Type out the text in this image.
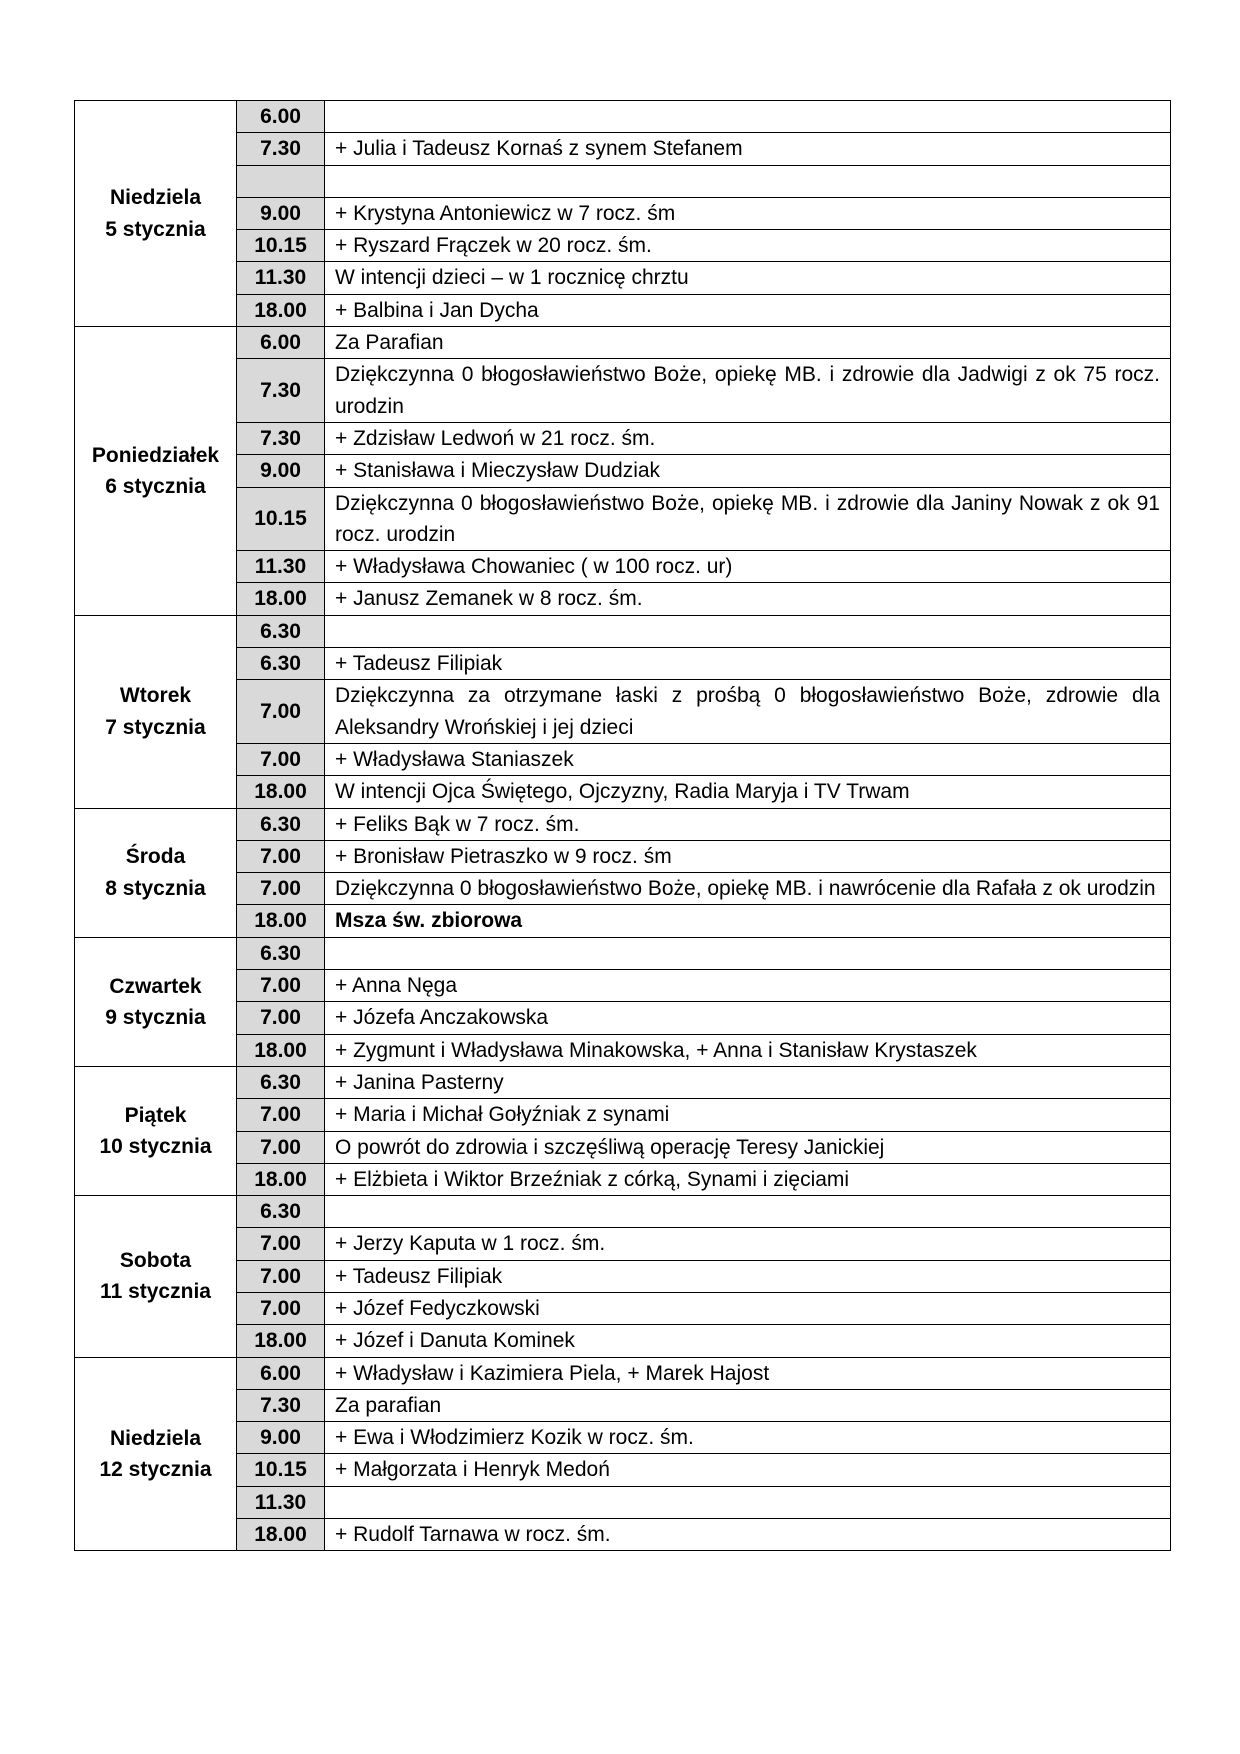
Niedziela
5 stycznia	6.00	
	7.30	+ Julia i Tadeusz Kornaś z synem Stefanem

	9.00	+ Krystyna Antoniewicz w 7 rocz. śm
	10.15	+ Ryszard Frączek w 20 rocz. śm.
	11.30	W intencji dzieci – w 1 rocznicę chrztu
	18.00	+ Balbina i Jan Dycha

Poniedziałek
6 stycznia	6.00	Za Parafian
	7.30	Dziękczynna 0 błogosławieństwo Boże, opiekę MB. i zdrowie dla Jadwigi z ok 75 rocz. urodzin
	7.30	+ Zdzisław Ledwoń w 21 rocz. śm.
	9.00	+ Stanisława i Mieczysław Dudziak
	10.15	Dziękczynna 0 błogosławieństwo Boże, opiekę MB. i zdrowie dla Janiny Nowak z ok 91 rocz. urodzin
	11.30	+ Władysława Chowaniec ( w 100 rocz. ur)
	18.00	+ Janusz Zemanek w 8 rocz. śm.

Wtorek
7 stycznia	6.30	
	6.30	+ Tadeusz Filipiak
	7.00	Dziękczynna za otrzymane łaski z prośbą 0 błogosławieństwo Boże, zdrowie dla Aleksandry Wrońskiej i jej dzieci
	7.00	+ Władysława Staniaszek
	18.00	W intencji Ojca Świętego, Ojczyzny, Radia Maryja i TV Trwam

Środa
8 stycznia	6.30	+ Feliks Bąk w 7 rocz. śm.
	7.00	+ Bronisław Pietraszko w 9 rocz. śm
	7.00	Dziękczynna 0 błogosławieństwo Boże, opiekę MB. i nawrócenie dla Rafała z ok urodzin
	18.00	Msza św. zbiorowa

Czwartek
9 stycznia	6.30	
	7.00	+ Anna Nęga
	7.00	+ Józefa Anczakowska
	18.00	+ Zygmunt i Władysława Minakowska, + Anna i Stanisław Krystaszek

Piątek
10 stycznia	6.30	+ Janina Pasterny
	7.00	+ Maria i Michał Gołyźniak z synami
	7.00	O powrót do zdrowia i szczęśliwą operację Teresy Janickiej
	18.00	+ Elżbieta i Wiktor Brzeźniak z córką, Synami i zięciami

Sobota
11 stycznia	6.30	
	7.00	+ Jerzy Kaputa w 1 rocz. śm.
	7.00	+ Tadeusz Filipiak
	7.00	+ Józef Fedyczkowski
	18.00	+ Józef i Danuta Kominek

Niedziela
12 stycznia	6.00	+ Władysław i Kazimiera Piela, + Marek Hajost
	7.30	Za parafian
	9.00	+ Ewa i Włodzimierz Kozik w rocz. śm.
	10.15	+ Małgorzata i Henryk Medoń
	11.30	
	18.00	+ Rudolf Tarnawa w rocz. śm.
